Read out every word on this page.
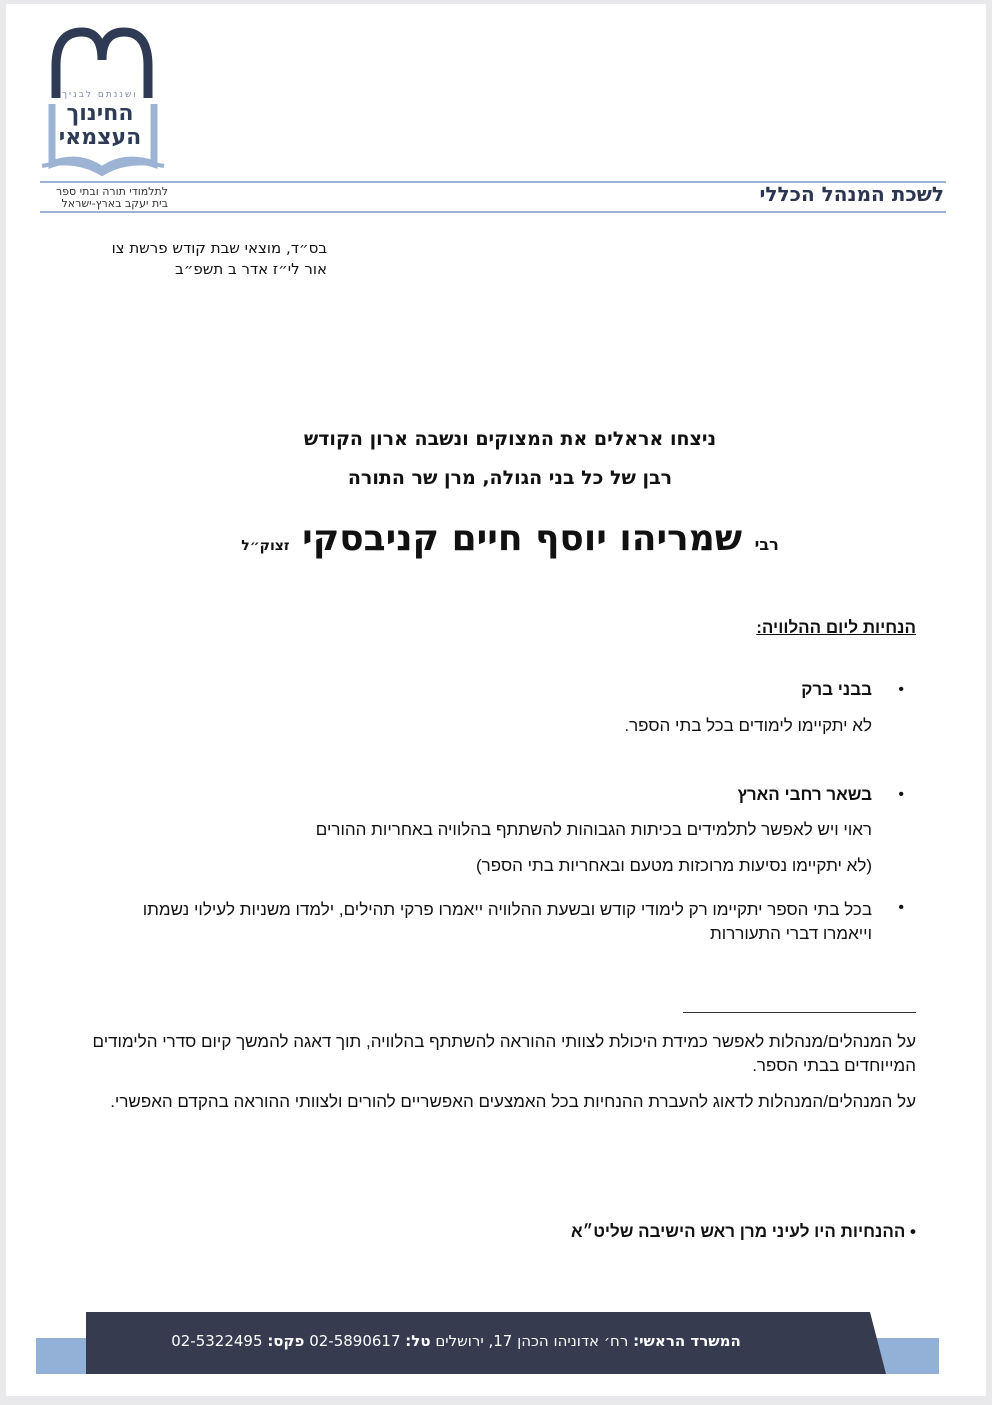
ושננתם לבניך
החינוך
העצמאי
לשכת המנהל הכללי
לתלמודי תורה ובתי ספר
בית יעקב בארץ-ישראל
בס״ד, מוצאי שבת קודש פרשת צו
אור לי״ז אדר ב תשפ״ב
ניצחו אראלים את המצוקים ונשבה ארון הקודש
רבן של כל בני הגולה, מרן שר התורה
רבי שמריהו יוסף חיים קניבסקי זצוק״ל
הנחיות ליום ההלוויה:
•
בבני ברק
לא יתקיימו לימודים בכל בתי הספר.
•
בשאר רחבי הארץ
ראוי ויש לאפשר לתלמידים בכיתות הגבוהות להשתתף בהלוויה באחריות ההורים
(לא יתקיימו נסיעות מרוכזות מטעם ובאחריות בתי הספר)
•
בכל בתי הספר יתקיימו רק לימודי קודש ובשעת ההלוויה ייאמרו פרקי תהילים, ילמדו משניות לעילוי נשמתו וייאמרו דברי התעוררות
על המנהלים/מנהלות לאפשר כמידת היכולת לצוותי ההוראה להשתתף בהלוויה, תוך דאגה להמשך קיום סדרי הלימודים המייוחדים בבתי הספר.
על המנהלים/המנהלות לדאוג להעברת ההנחיות בכל האמצעים האפשריים להורים ולצוותי ההוראה בהקדם האפשרי.
• ההנחיות היו לעיני מרן ראש הישיבה שליט״א
המשרד הראשי: רח׳ אדוניהו הכהן 17, ירושלים טל: 02-5890617 פקס: 02-5322495
